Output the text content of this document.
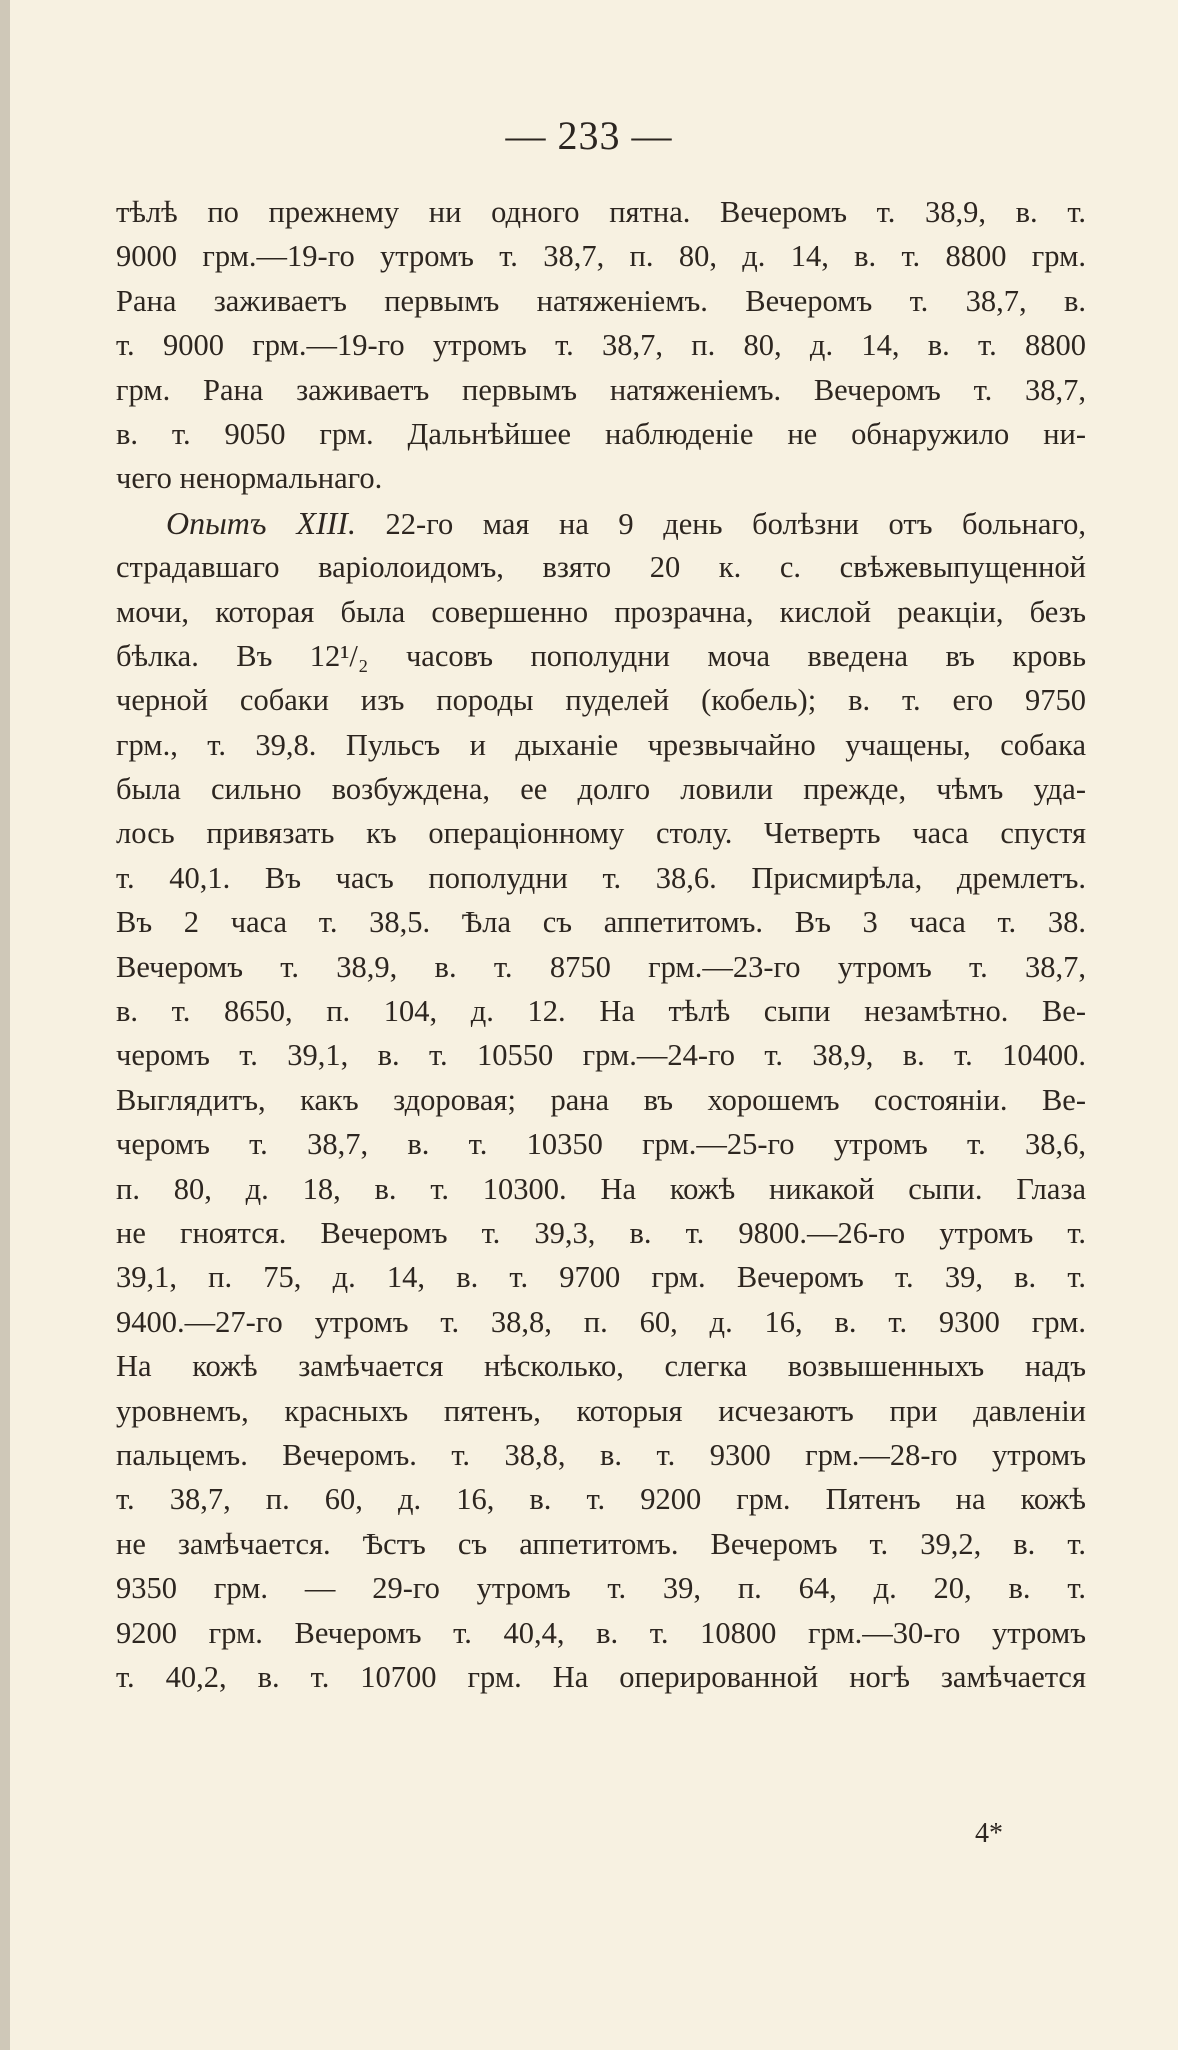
— 233 —
тѣлѣ по прежнему ни одного пятна. Вечеромъ т. 38,9, в. т.
9000 грм.—19-го утромъ т. 38,7, п. 80, д. 14, в. т. 8800 грм.
Рана заживаетъ первымъ натяженіемъ. Вечеромъ т. 38,7, в.
т. 9000 грм.—19-го утромъ т. 38,7, п. 80, д. 14, в. т. 8800
грм. Рана заживаетъ первымъ натяженіемъ. Вечеромъ т. 38,7,
в. т. 9050 грм. Дальнѣйшее наблюденіе не обнаружило ни-
чего ненормальнаго.
Опытъ XIII. 22-го мая на 9 день болѣзни отъ больнаго,
страдавшаго варіолоидомъ, взято 20 к. с. свѣжевыпущенной
мочи, которая была совершенно прозрачна, кислой реакціи, безъ
бѣлка. Въ 12¹/₂ часовъ пополудни моча введена въ кровь
черной собаки изъ породы пуделей (кобель); в. т. его 9750
грм., т. 39,8. Пульсъ и дыханіе чрезвычайно учащены, собака
была сильно возбуждена, ее долго ловили прежде, чѣмъ уда-
лось привязать къ операціонному столу. Четверть часа спустя
т. 40,1. Въ часъ пополудни т. 38,6. Присмирѣла, дремлетъ.
Въ 2 часа т. 38,5. Ѣла съ аппетитомъ. Въ 3 часа т. 38.
Вечеромъ т. 38,9, в. т. 8750 грм.—23-го утромъ т. 38,7,
в. т. 8650, п. 104, д. 12. На тѣлѣ сыпи незамѣтно. Ве-
черомъ т. 39,1, в. т. 10550 грм.—24-го т. 38,9, в. т. 10400.
Выглядитъ, какъ здоровая; рана въ хорошемъ состояніи. Ве-
черомъ т. 38,7, в. т. 10350 грм.—25-го утромъ т. 38,6,
п. 80, д. 18, в. т. 10300. На кожѣ никакой сыпи. Глаза
не гноятся. Вечеромъ т. 39,3, в. т. 9800.—26-го утромъ т.
39,1, п. 75, д. 14, в. т. 9700 грм. Вечеромъ т. 39, в. т.
9400.—27-го утромъ т. 38,8, п. 60, д. 16, в. т. 9300 грм.
На кожѣ замѣчается нѣсколько, слегка возвышенныхъ надъ
уровнемъ, красныхъ пятенъ, которыя исчезаютъ при давленіи
пальцемъ. Вечеромъ. т. 38,8, в. т. 9300 грм.—28-го утромъ
т. 38,7, п. 60, д. 16, в. т. 9200 грм. Пятенъ на кожѣ
не замѣчается. Ѣстъ съ аппетитомъ. Вечеромъ т. 39,2, в. т.
9350 грм. — 29-го утромъ т. 39, п. 64, д. 20, в. т.
9200 грм. Вечеромъ т. 40,4, в. т. 10800 грм.—30-го утромъ
т. 40,2, в. т. 10700 грм. На оперированной ногѣ замѣчается
4*
